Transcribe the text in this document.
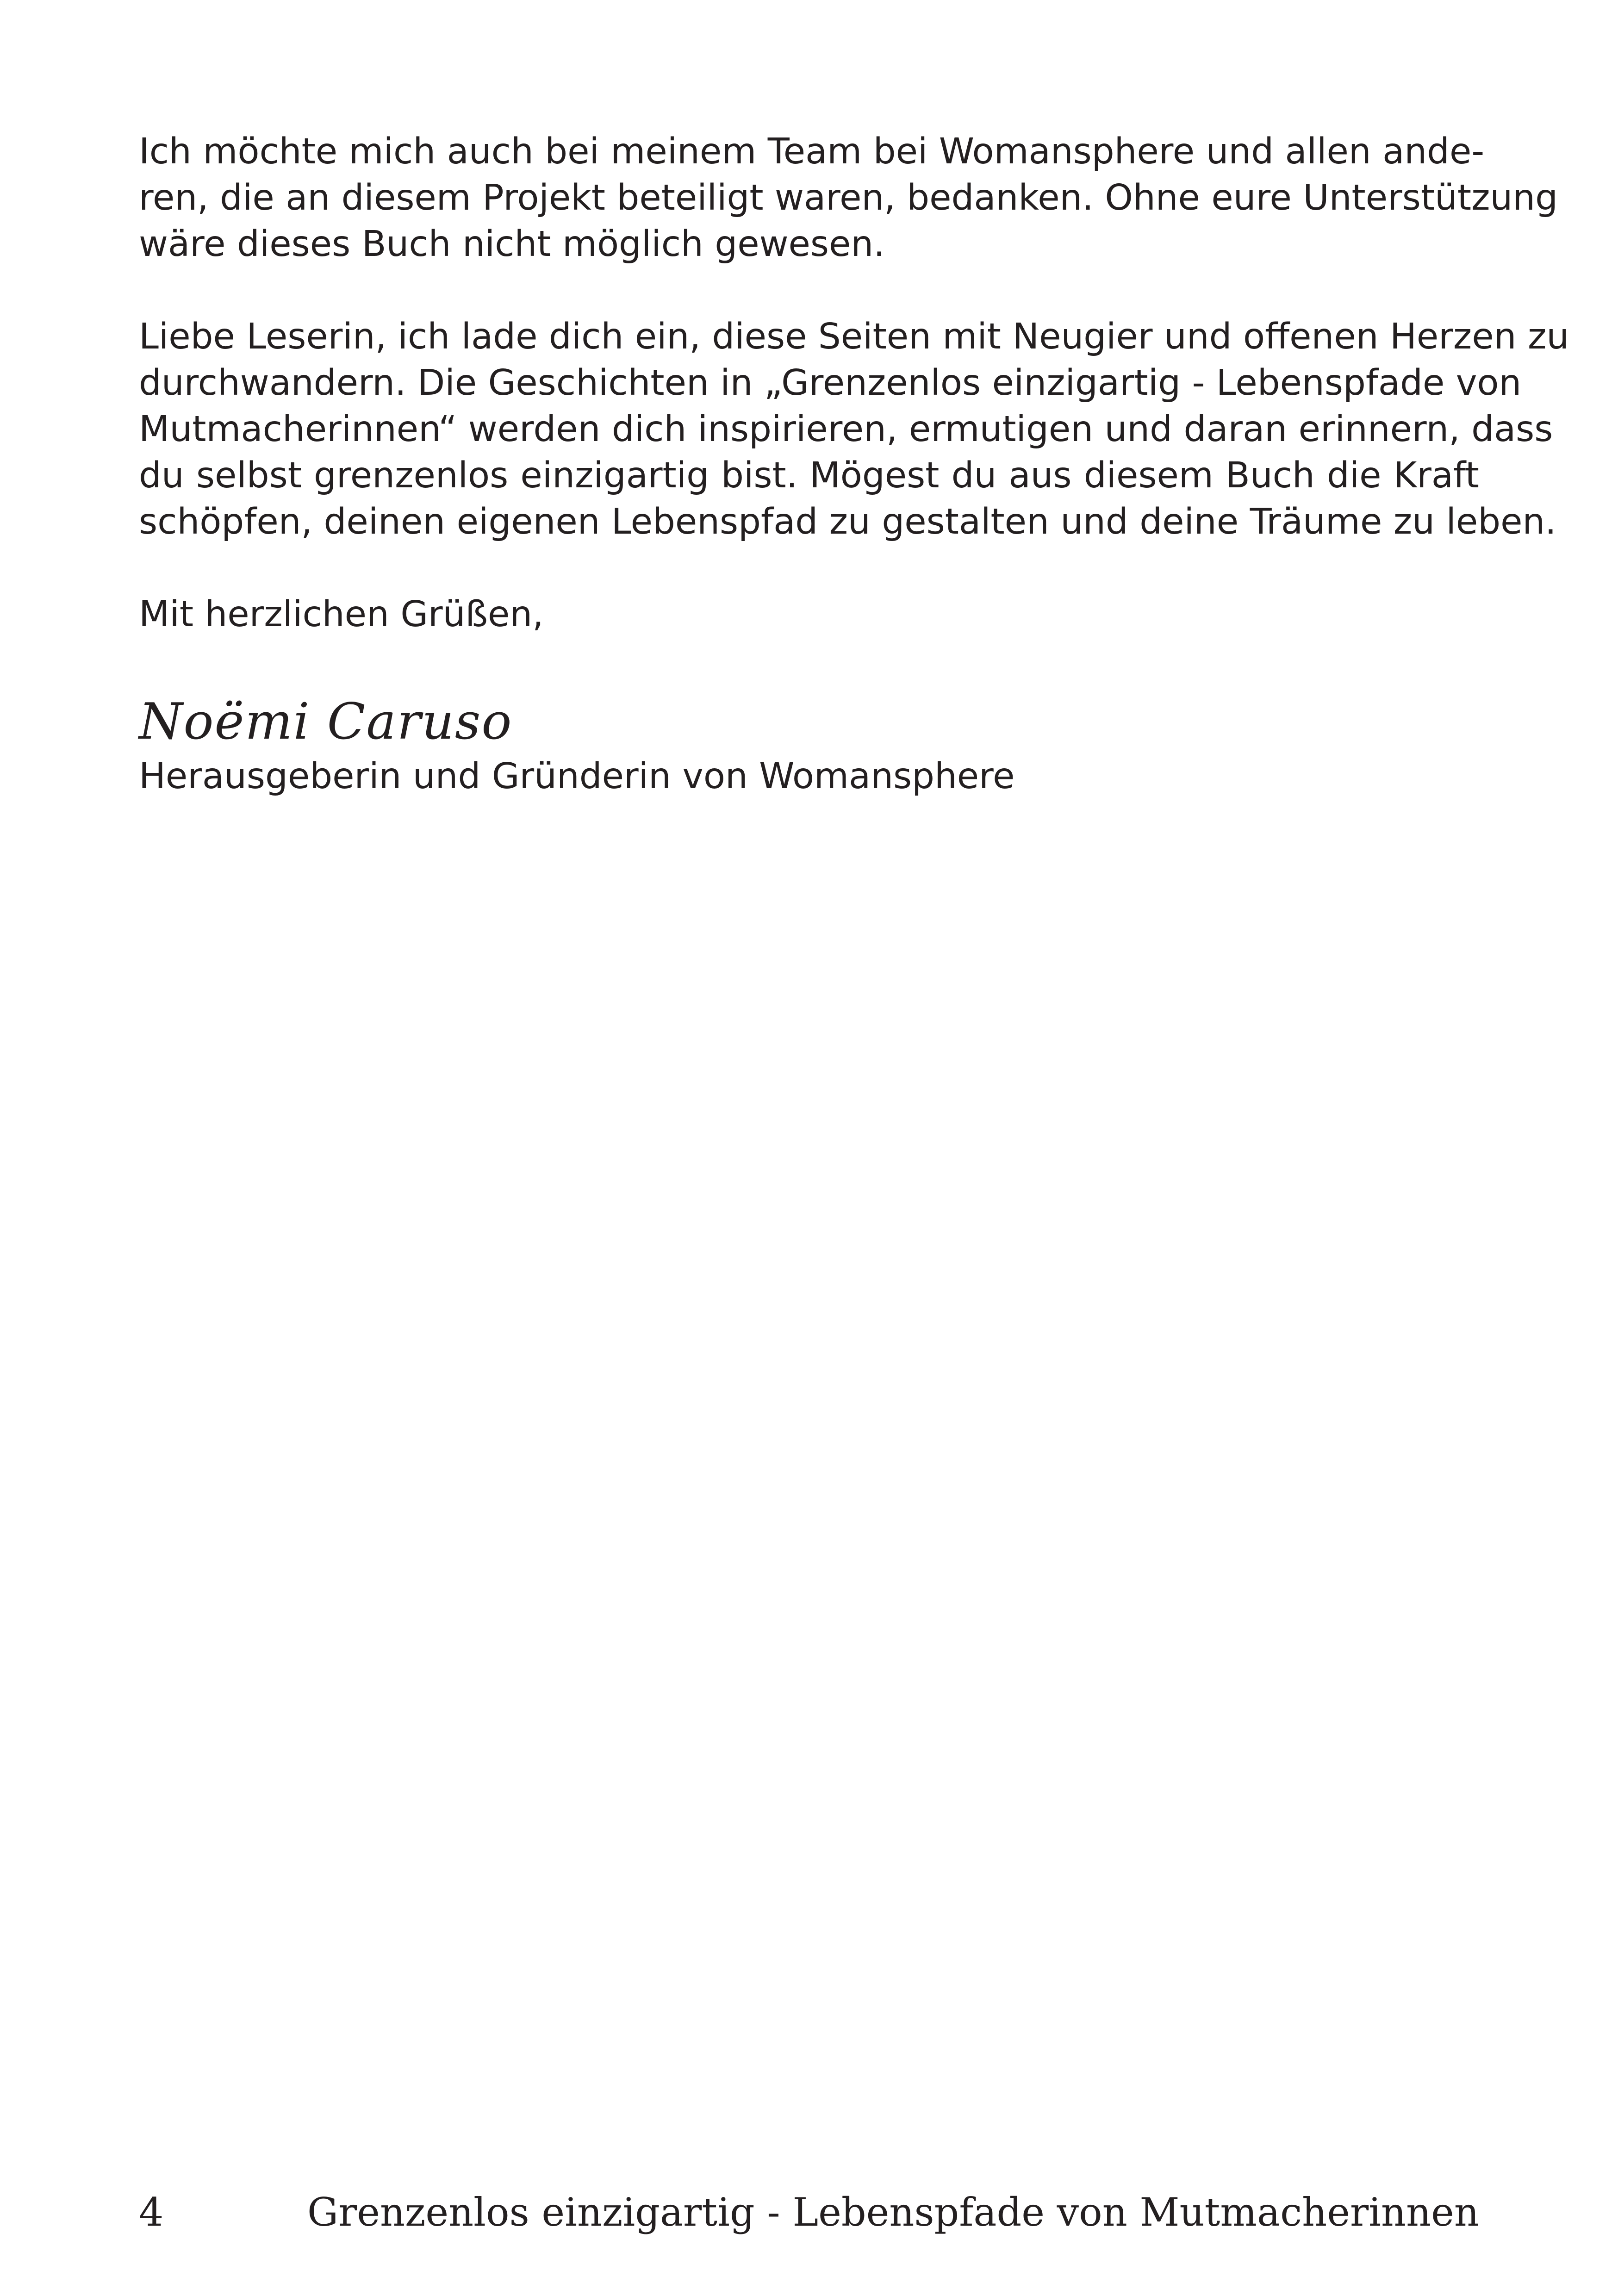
Ich möchte mich auch bei meinem Team bei Womansphere und allen ande-
ren, die an diesem Projekt beteiligt waren, bedanken. Ohne eure Unterstützung
wäre dieses Buch nicht möglich gewesen.

Liebe Leserin, ich lade dich ein, diese Seiten mit Neugier und offenen Herzen zu
durchwandern. Die Geschichten in „Grenzenlos einzigartig - Lebenspfade von
Mutmacherinnen“ werden dich inspirieren, ermutigen und daran erinnern, dass
du selbst grenzenlos einzigartig bist. Mögest du aus diesem Buch die Kraft
schöpfen, deinen eigenen Lebenspfad zu gestalten und deine Träume zu leben.

Mit herzlichen Grüßen,

Noëmi Caruso
Herausgeberin und Gründerin von Womansphere
4	Grenzenlos einzigartig - Lebenspfade von Mutmacherinnen
